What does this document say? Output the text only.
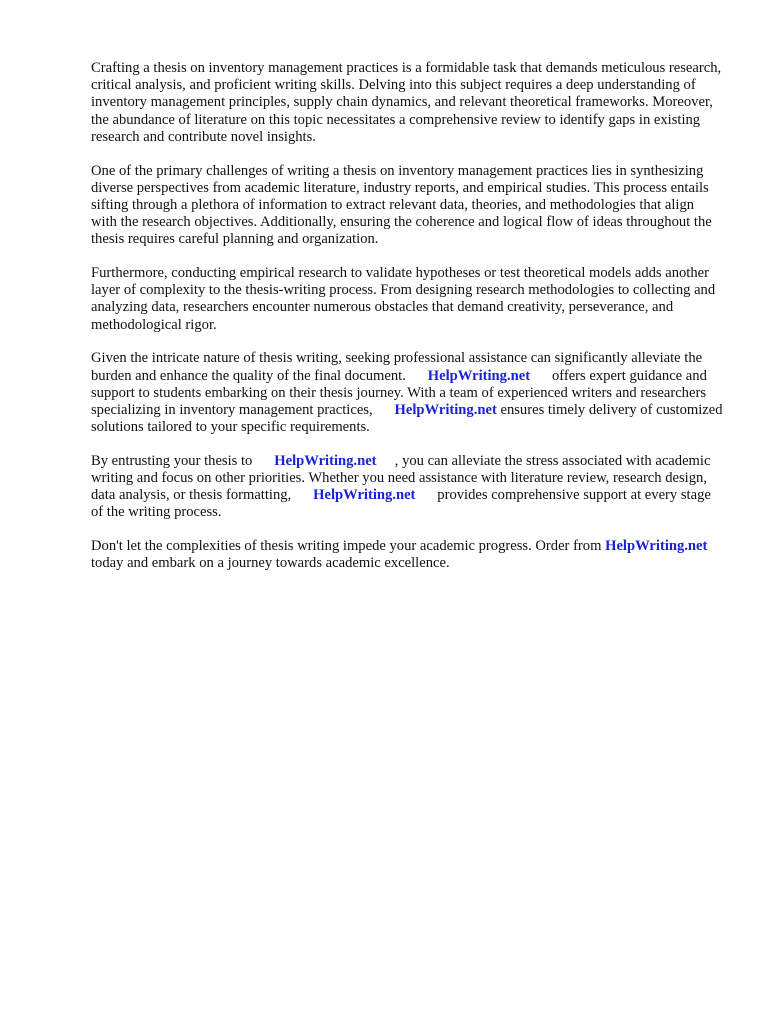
Crafting a thesis on inventory management practices is a formidable task that demands meticulous research, critical analysis, and proficient writing skills. Delving into this subject requires a deep understanding of inventory management principles, supply chain dynamics, and relevant theoretical frameworks. Moreover, the abundance of literature on this topic necessitates a comprehensive review to identify gaps in existing research and contribute novel insights.

One of the primary challenges of writing a thesis on inventory management practices lies in synthesizing diverse perspectives from academic literature, industry reports, and empirical studies. This process entails sifting through a plethora of information to extract relevant data, theories, and methodologies that align with the research objectives. Additionally, ensuring the coherence and logical flow of ideas throughout the thesis requires careful planning and organization.

Furthermore, conducting empirical research to validate hypotheses or test theoretical models adds another layer of complexity to the thesis-writing process. From designing research methodologies to collecting and analyzing data, researchers encounter numerous obstacles that demand creativity, perseverance, and methodological rigor.

Given the intricate nature of thesis writing, seeking professional assistance can significantly alleviate the burden and enhance the quality of the final document.      HelpWriting.net      offers expert guidance and support to students embarking on their thesis journey. With a team of experienced writers and researchers specializing in inventory management practices,      HelpWriting.net ensures timely delivery of customized solutions tailored to your specific requirements.

By entrusting your thesis to      HelpWriting.net     , you can alleviate the stress associated with academic writing and focus on other priorities. Whether you need assistance with literature review, research design, data analysis, or thesis formatting,      HelpWriting.net      provides comprehensive support at every stage of the writing process.

Don't let the complexities of thesis writing impede your academic progress. Order from HelpWriting.net      today and embark on a journey towards academic excellence.
